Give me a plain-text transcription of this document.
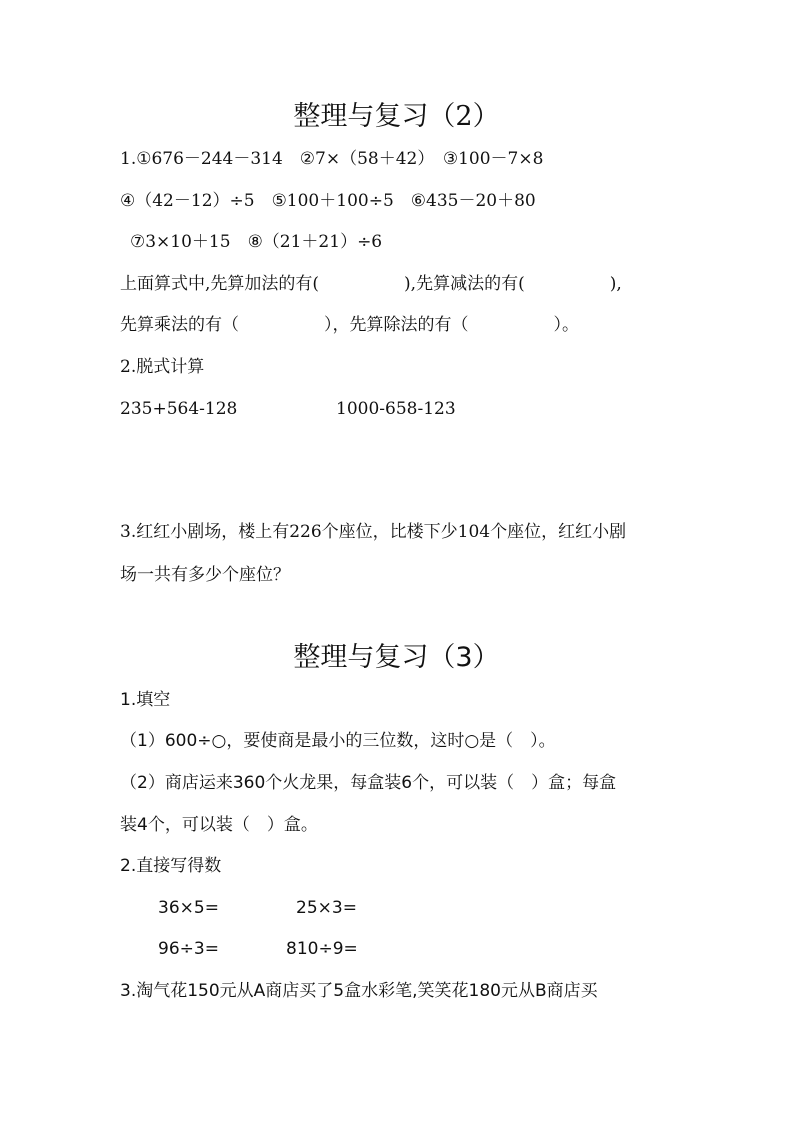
整理与复习（2）
1.①676－244－314　②7×（58＋42）　③100－7×8
④（42－12）÷5　⑤100＋100÷5　⑥435－20＋80
⑦3×10＋15　⑧（21＋21）÷6
上面算式中,先算加法的有(　　　　　),先算减法的有(　　　　　),
先算乘法的有（　　　　　），先算除法的有（　　　　　）。
2.脱式计算
235+564-128	1000-658-123
3.红红小剧场，楼上有226个座位，比楼下少104个座位，红红小剧
场一共有多少个座位？
整理与复习（3）
1.填空
（1）600÷○，要使商是最小的三位数，这时○是（　）。
（2）商店运来360个火龙果，每盒装6个，可以装（　）盒；每盒
装4个，可以装（　）盒。
2.直接写得数
36×5=	25×3=
96÷3=	810÷9=
3.淘气花150元从A商店买了5盒水彩笔,笑笑花180元从B商店买
